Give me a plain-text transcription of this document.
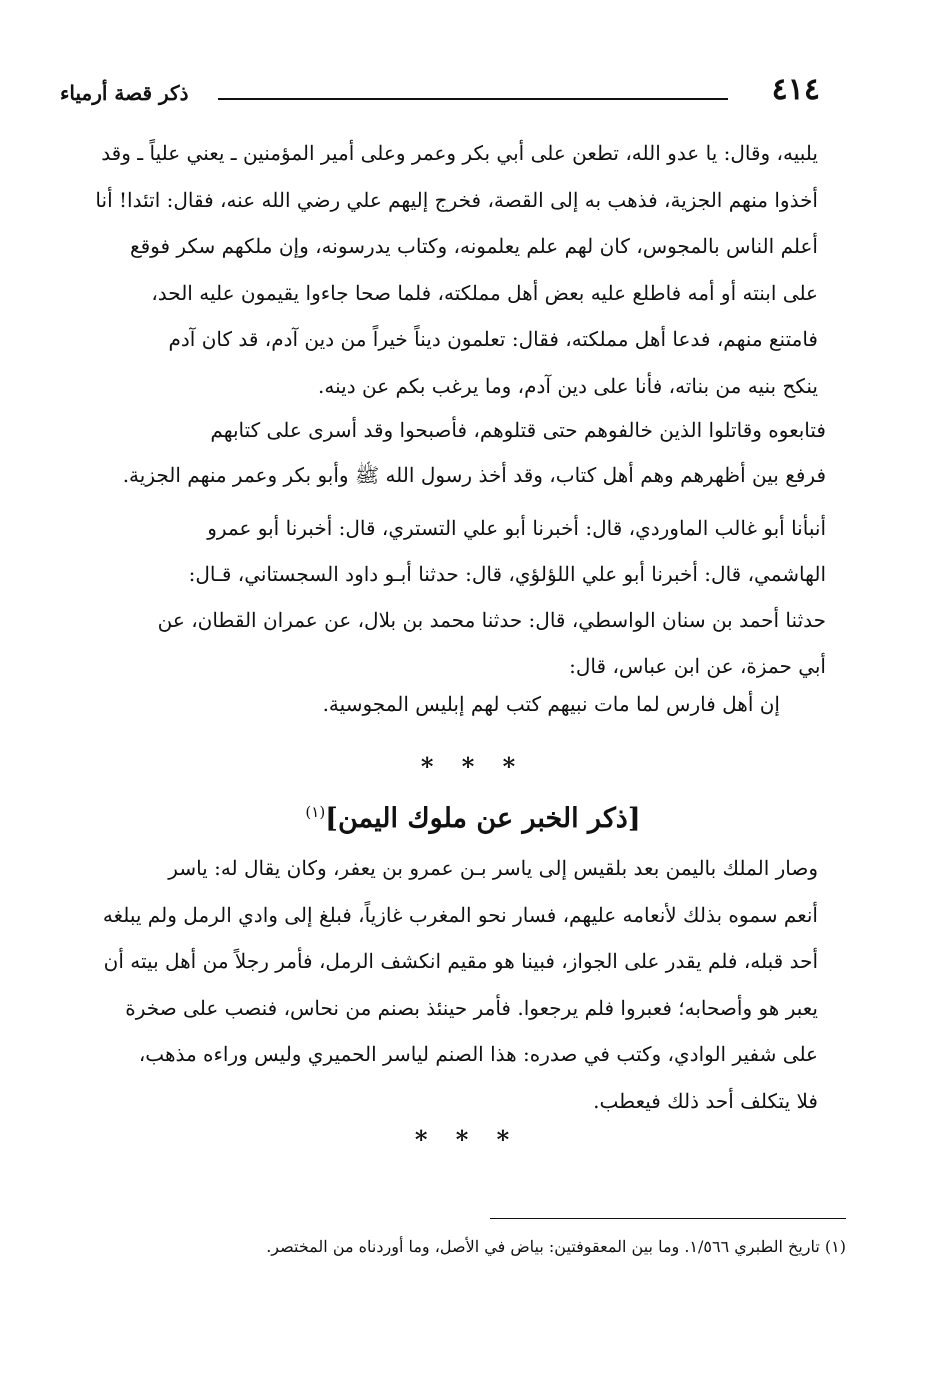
٤١٤
ذكر قصة أرمياء
يلبيه، وقال: يا عدو الله، تطعن على أبي بكر وعمر وعلى أمير المؤمنين ـ يعني علياً ـ وقد
أخذوا منهم الجزية، فذهب به إلى القصة، فخرج إليهم علي رضي الله عنه، فقال: اتئدا! أنا
أعلم الناس بالمجوس، كان لهم علم يعلمونه، وكتاب يدرسونه، وإن ملكهم سكر فوقع
على ابنته أو أمه فاطلع عليه بعض أهل مملكته، فلما صحا جاءوا يقيمون عليه الحد،
فامتنع منهم، فدعا أهل مملكته، فقال: تعلمون ديناً خيراً من دين آدم، قد كان آدم
ينكح بنيه من بناته، فأنا على دين آدم، وما يرغب بكم عن دينه.
فتابعوه وقاتلوا الذين خالفوهم حتى قتلوهم، فأصبحوا وقد أسرى على كتابهم
فرفع بين أظهرهم وهم أهل كتاب، وقد أخذ رسول الله ﷺ وأبو بكر وعمر منهم الجزية.
أنبأنا أبو غالب الماوردي، قال: أخبرنا أبو علي التستري، قال: أخبرنا أبو عمرو
الهاشمي، قال: أخبرنا أبو علي اللؤلؤي، قال: حدثنا أبـو داود السجستاني، قـال:
حدثنا أحمد بن سنان الواسطي، قال: حدثنا محمد بن بلال، عن عمران القطان، عن
أبي حمزة، عن ابن عباس، قال:
إن أهل فارس لما مات نبيهم كتب لهم إبليس المجوسية.
* * *
[ذكر الخبر عن ملوك اليمن]$^{(١)}$
وصار الملك باليمن بعد بلقيس إلى ياسر بـن عمرو بن يعفر، وكان يقال له: ياسر
أنعم سموه بذلك لأنعامه عليهم، فسار نحو المغرب غازياً، فبلغ إلى وادي الرمل ولم يبلغه
أحد قبله، فلم يقدر على الجواز، فبينا هو مقيم انكشف الرمل، فأمر رجلاً من أهل بيته أن
يعبر هو وأصحابه؛ فعبروا فلم يرجعوا. فأمر حينئذ بصنم من نحاس، فنصب على صخرة
على شفير الوادي، وكتب في صدره: هذا الصنم لياسر الحميري وليس وراءه مذهب،
فلا يتكلف أحد ذلك فيعطب.
* * *
(١) تاريخ الطبري ١/٥٦٦. وما بين المعقوفتين: بياض في الأصل، وما أوردناه من المختصر.
